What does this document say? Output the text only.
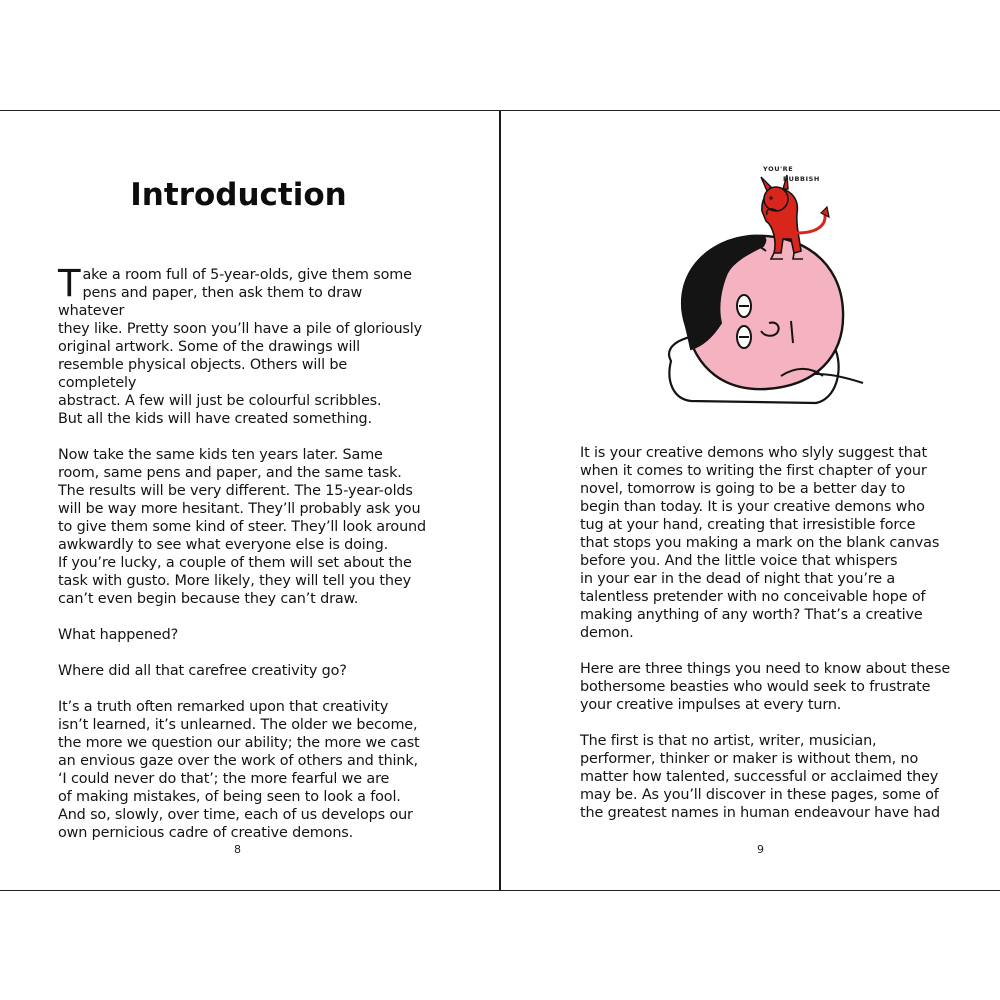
Introduction

Take a room full of 5-year-olds, give them some
pens and paper, then ask them to draw whatever
they like. Pretty soon you’ll have a pile of gloriously
original artwork. Some of the drawings will
resemble physical objects. Others will be completely
abstract. A few will just be colourful scribbles.
But all the kids will have created something.

Now take the same kids ten years later. Same
room, same pens and paper, and the same task.
The results will be very different. The 15-year-olds
will be way more hesitant. They’ll probably ask you
to give them some kind of steer. They’ll look around
awkwardly to see what everyone else is doing.
If you’re lucky, a couple of them will set about the
task with gusto. More likely, they will tell you they
can’t even begin because they can’t draw.

What happened?

Where did all that carefree creativity go?

It’s a truth often remarked upon that creativity
isn’t learned, it’s unlearned. The older we become,
the more we question our ability; the more we cast
an envious gaze over the work of others and think,
‘I could never do that’; the more fearful we are
of making mistakes, of being seen to look a fool.
And so, slowly, over time, each of us develops our
own pernicious cadre of creative demons.

8
YOU'RE
RUBBISH

It is your creative demons who slyly suggest that
when it comes to writing the first chapter of your
novel, tomorrow is going to be a better day to
begin than today. It is your creative demons who
tug at your hand, creating that irresistible force
that stops you making a mark on the blank canvas
before you. And the little voice that whispers
in your ear in the dead of night that you’re a
talentless pretender with no conceivable hope of
making anything of any worth? That’s a creative
demon.

Here are three things you need to know about these
bothersome beasties who would seek to frustrate
your creative impulses at every turn.

The first is that no artist, writer, musician,
performer, thinker or maker is without them, no
matter how talented, successful or acclaimed they
may be. As you’ll discover in these pages, some of
the greatest names in human endeavour have had

9
